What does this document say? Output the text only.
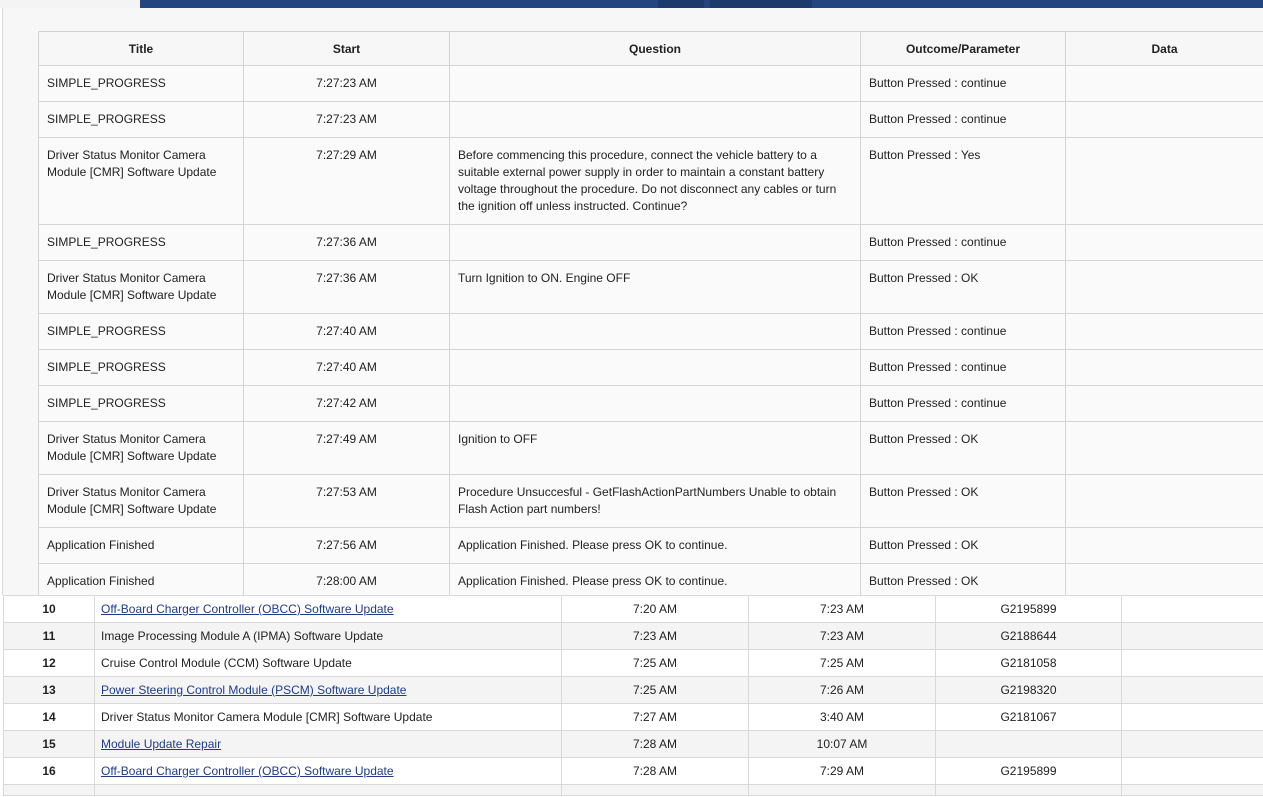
Title	Start	Question	Outcome/Parameter	Data
SIMPLE_PROGRESS	7:27:23 AM		Button Pressed : continue	
SIMPLE_PROGRESS	7:27:23 AM		Button Pressed : continue	
Driver Status Monitor Camera Module [CMR] Software Update	7:27:29 AM	Before commencing this procedure, connect the vehicle battery to a suitable external power supply in order to maintain a constant battery voltage throughout the procedure. Do not disconnect any cables or turn the ignition off unless instructed. Continue?	Button Pressed : Yes	
SIMPLE_PROGRESS	7:27:36 AM		Button Pressed : continue	
Driver Status Monitor Camera Module [CMR] Software Update	7:27:36 AM	Turn Ignition to ON. Engine OFF	Button Pressed : OK	
SIMPLE_PROGRESS	7:27:40 AM		Button Pressed : continue	
SIMPLE_PROGRESS	7:27:40 AM		Button Pressed : continue	
SIMPLE_PROGRESS	7:27:42 AM		Button Pressed : continue	
Driver Status Monitor Camera Module [CMR] Software Update	7:27:49 AM	Ignition to OFF	Button Pressed : OK	
Driver Status Monitor Camera Module [CMR] Software Update	7:27:53 AM	Procedure Unsuccesful - GetFlashActionPartNumbers Unable to obtain Flash Action part numbers!	Button Pressed : OK	
Application Finished	7:27:56 AM	Application Finished. Please press OK to continue.	Button Pressed : OK	
Application Finished	7:28:00 AM	Application Finished. Please press OK to continue.	Button Pressed : OK	
10	Off-Board Charger Controller (OBCC) Software Update	7:20 AM	7:23 AM	G2195899	
11	Image Processing Module A (IPMA) Software Update	7:23 AM	7:23 AM	G2188644	
12	Cruise Control Module (CCM) Software Update	7:25 AM	7:25 AM	G2181058	
13	Power Steering Control Module (PSCM) Software Update	7:25 AM	7:26 AM	G2198320	
14	Driver Status Monitor Camera Module [CMR] Software Update	7:27 AM	3:40 AM	G2181067	
15	Module Update Repair	7:28 AM	10:07 AM		
16	Off-Board Charger Controller (OBCC) Software Update	7:28 AM	7:29 AM	G2195899	
